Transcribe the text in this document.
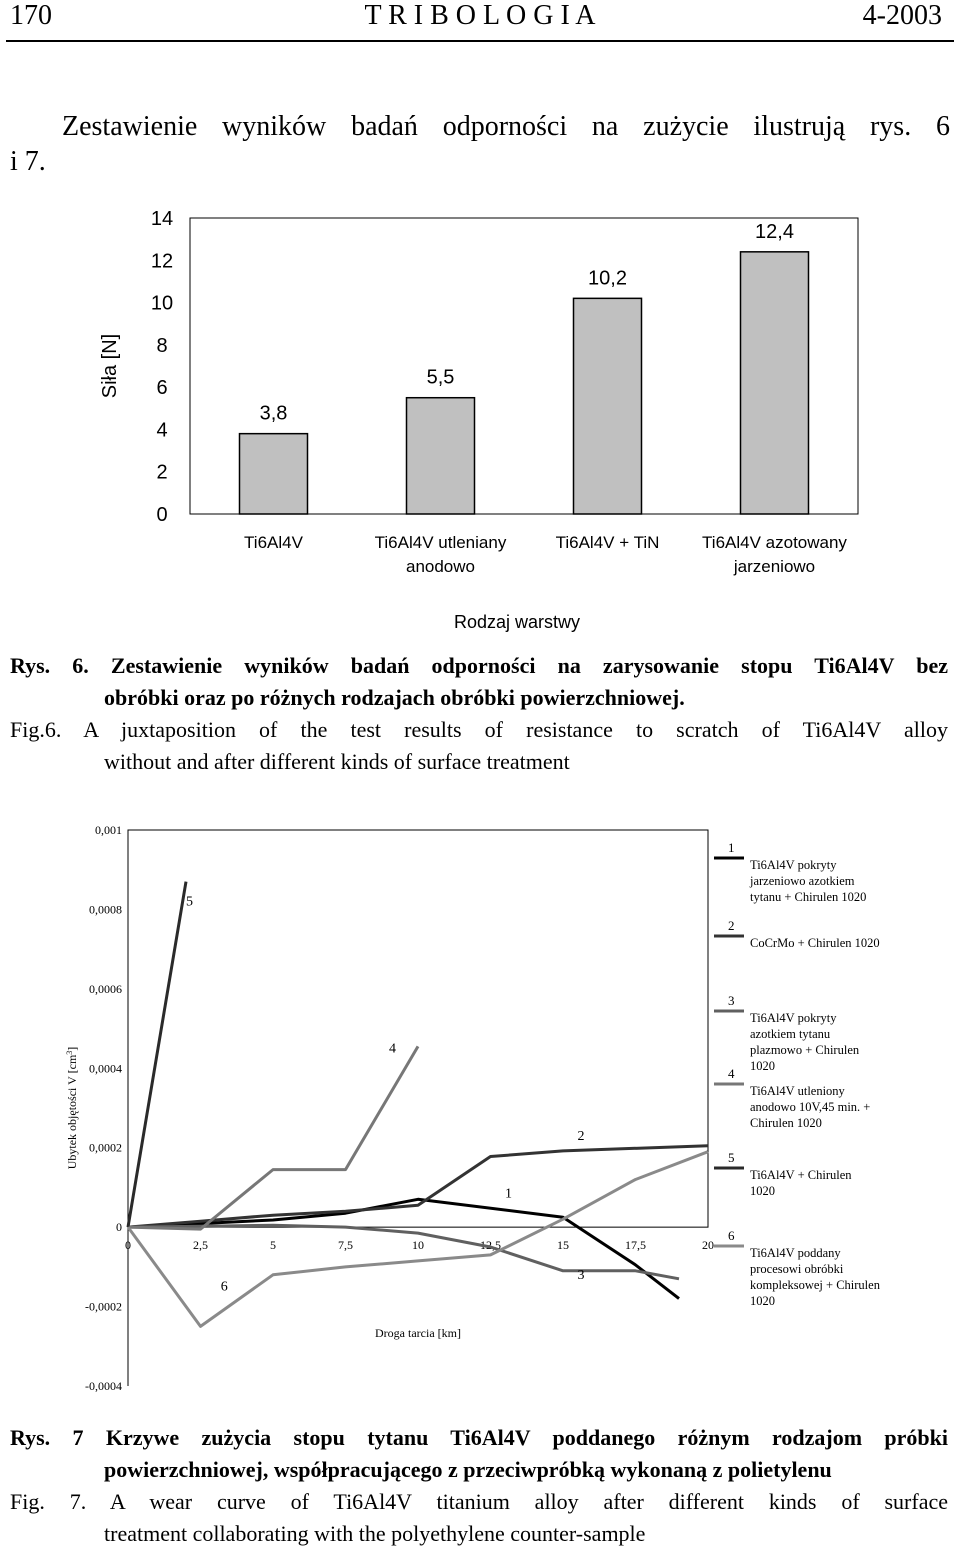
170	T R I B O L O G I A	4-2003
Zestawienie wyników badań odporności na zużycie ilustrują rys. 6
i 7.
0
2
4
6
8
10
12
14
Siła [N]
3,8
Ti6Al4V
5,5
Ti6Al4V utleniany
anodowo
10,2
Ti6Al4V + TiN
12,4
Ti6Al4V azotowany
jarzeniowo
Rodzaj warstwy
Rys. 6. Zestawienie wyników badań odporności na zarysowanie stopu Ti6Al4V bez
obróbki oraz po różnych rodzajach obróbki powierzchniowej.
Fig.6. A juxtaposition of the test results of resistance to scratch of Ti6Al4V alloy
without and after different kinds of surface treatment
0,001
0,0008
0,0006
0,0004
0,0002
0
-0,0002
-0,0004
0	2,5	5	7,5	10	12,5	15	17,5	20
Ubytek objętości V $[cm^3]$
Droga tarcia [km]
5
4
2
1
3
6
1
Ti6Al4V pokryty
jarzeniowo azotkiem
tytanu + Chirulen 1020
2
CoCrMo + Chirulen 1020
3
Ti6Al4V pokryty
azotkiem tytanu
plazmowo + Chirulen
1020
4
Ti6Al4V utleniony
anodowo 10V,45 min. +
Chirulen 1020
5
Ti6Al4V + Chirulen
1020
6
Ti6Al4V poddany
procesowi obróbki
kompleksowej + Chirulen
1020
Rys. 7 Krzywe zużycia stopu tytanu Ti6Al4V poddanego różnym rodzajom próbki
powierzchniowej, współpracującego z przeciwpróbką wykonaną z polietylenu
Fig. 7. A wear curve of Ti6Al4V titanium alloy after different kinds of surface
treatment collaborating with the polyethylene counter-sample
